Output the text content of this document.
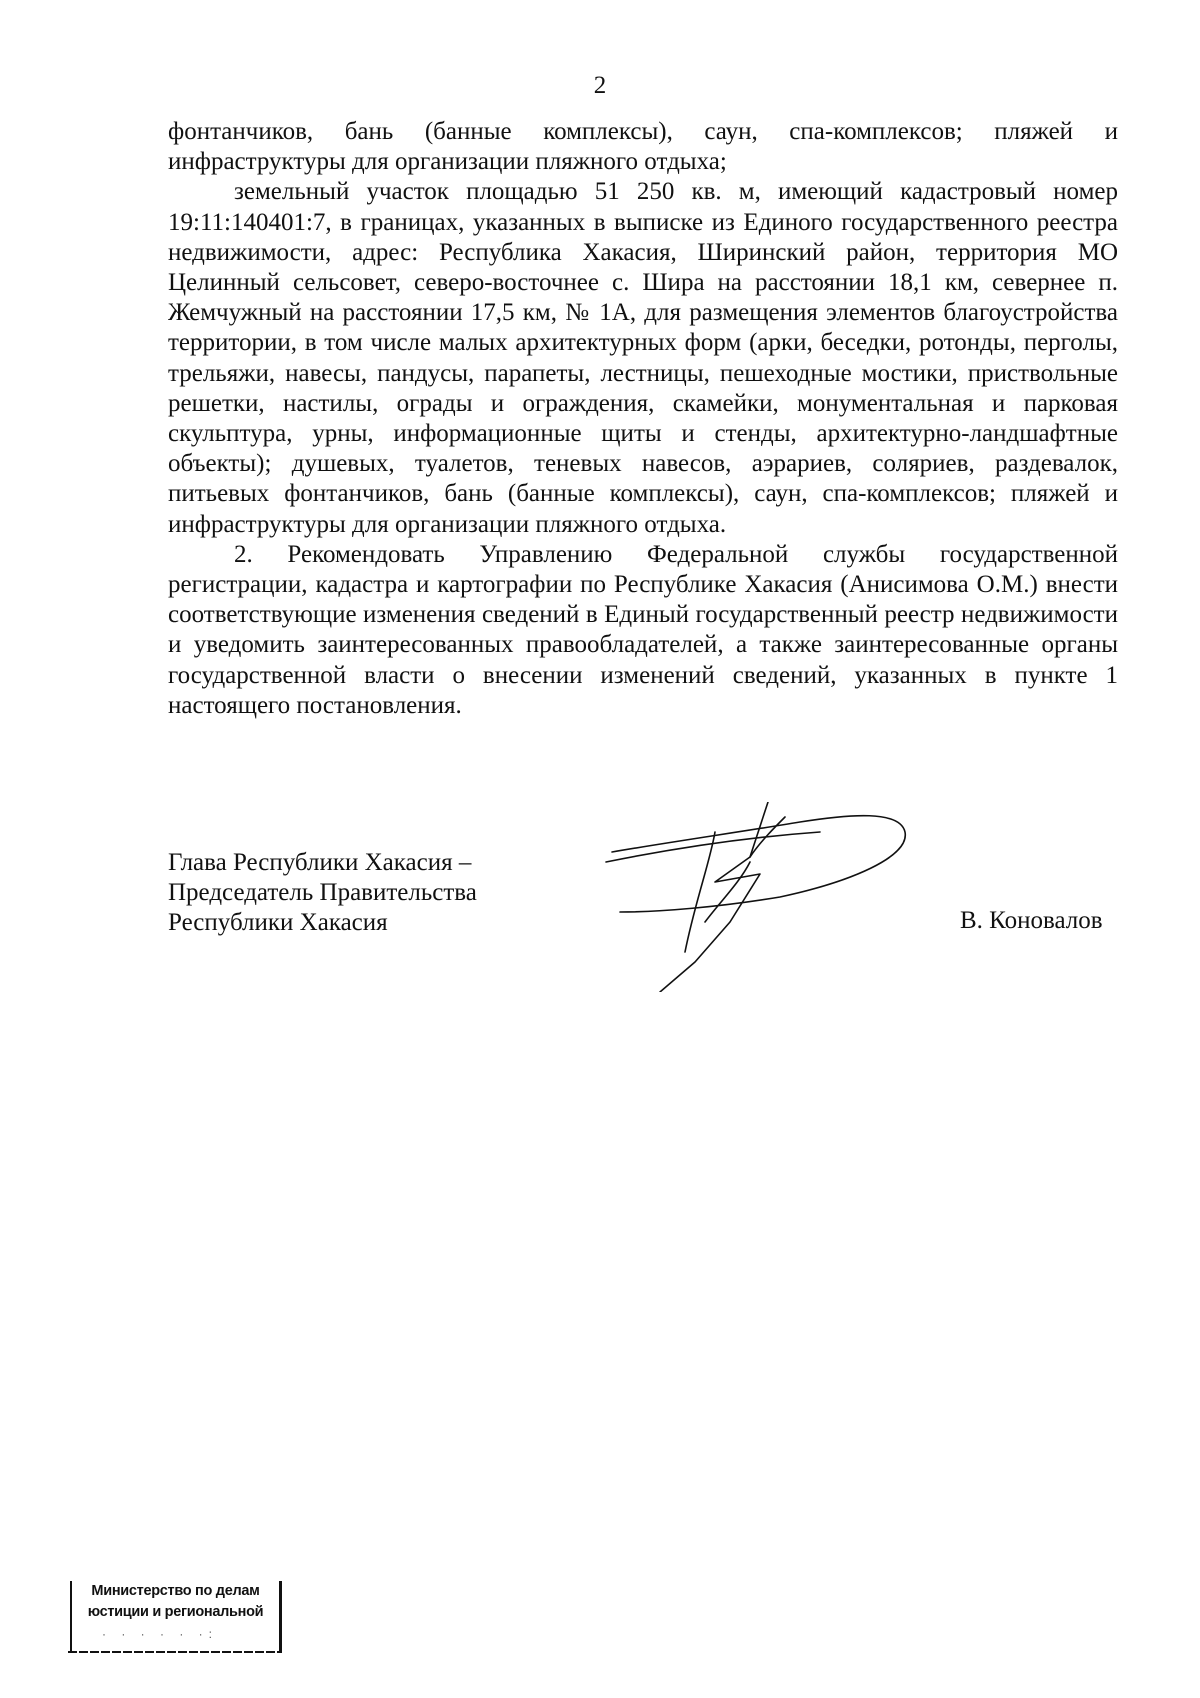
2

фонтанчиков, бань (банные комплексы), саун, спа-комплексов; пляжей и инфраструктуры для организации пляжного отдыха;

земельный участок площадью 51 250 кв. м, имеющий кадастровый номер 19:11:140401:7, в границах, указанных в выписке из Единого государственного реестра недвижимости, адрес: Республика Хакасия, Ширинский район, территория МО Целинный сельсовет, северо-восточнее с. Шира на расстоянии 18,1 км, севернее п. Жемчужный на расстоянии 17,5 км, № 1А, для размещения элементов благоустройства территории, в том числе малых архитектурных форм (арки, беседки, ротонды, перголы, трельяжи, навесы, пандусы, парапеты, лестницы, пешеходные мостики, приствольные решетки, настилы, ограды и ограждения, скамейки, монументальная и парковая скульптура, урны, информационные щиты и стенды, архитектурно-ландшафтные объекты); душевых, туалетов, теневых навесов, аэрариев, соляриев, раздевалок, питьевых фонтанчиков, бань (банные комплексы), саун, спа-комплексов; пляжей и инфраструктуры для организации пляжного отдыха.

2. Рекомендовать Управлению Федеральной службы государственной регистрации, кадастра и картографии по Республике Хакасия (Анисимова О.М.) внести соответствующие изменения сведений в Единый государственный реестр недвижимости и уведомить заинтересованных правообладателей, а также заинтересованные органы государственной власти о внесении изменений сведений, указанных в пункте 1 настоящего постановления.

Глава Республики Хакасия –
Председатель Правительства
Республики Хакасия	В. Коновалов
Министерство по делам
юстиции и региональной
· · · · · ·:
